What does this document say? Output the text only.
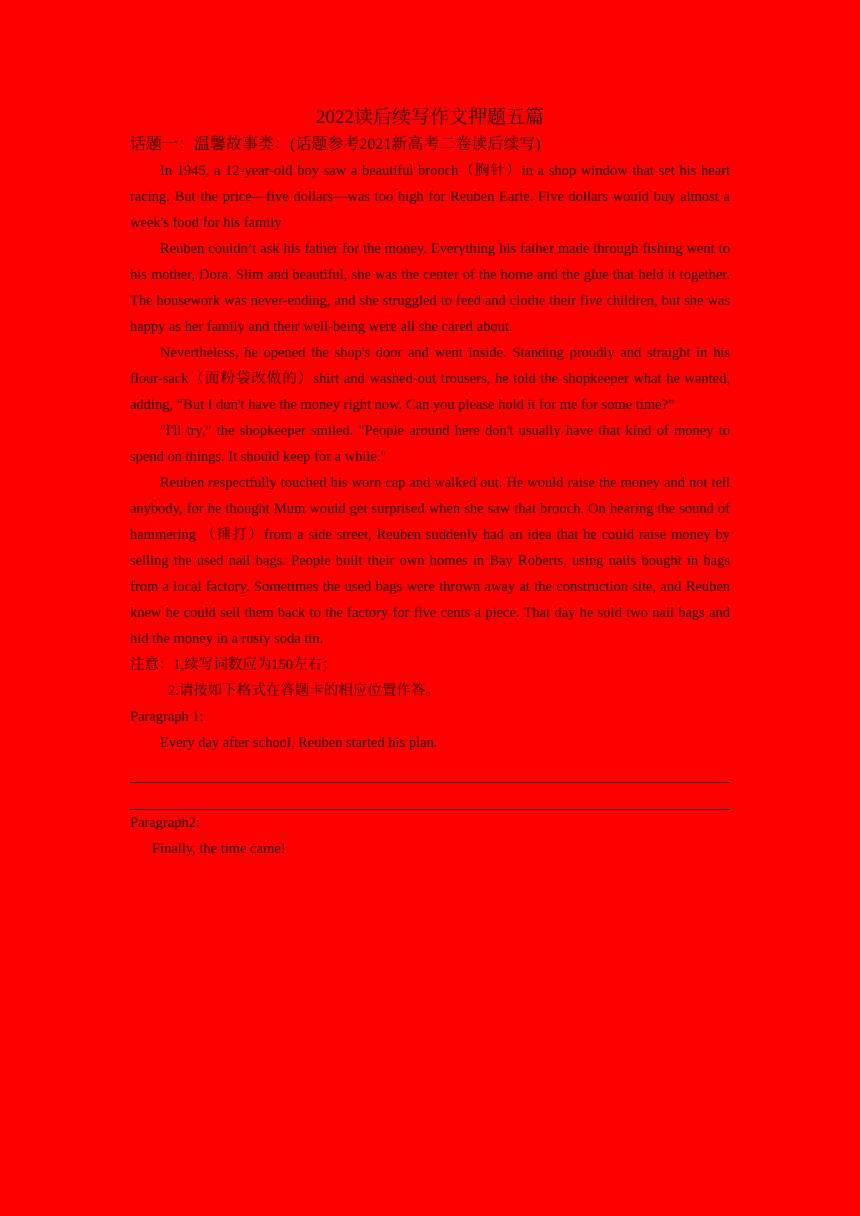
2022读后续写作文押题五篇

话题一：温馨故事类：(话题参考2021新高考二卷读后续写)

In 1945, a 12-year-old boy saw a beautiful brooch（胸针）in a shop window that set his heart racing. But the price—five dollars—was too high for Reuben Earle. Five dollars would buy almost a week's food for his family

Reuben couldn’t ask his father for the money. Everything his father made through fishing went to his mother, Dora. Slim and beautiful, she was the center of the home and the glue that held it together. The housework was never-ending, and she struggled to feed and clothe their five children, but she was happy as her family and their well-being were all she cared about.

Nevertheless, he opened the shop's door and went inside. Standing proudly and straight in his flour-sack（面粉袋改做的）shirt and washed-out trousers, he told the shopkeeper what he wanted, adding, “But I don't have the money right now. Can you please hold it for me for some time?”

"I'll try," the shopkeeper smiled. "People around here don't usually have that kind of money to spend on things. It should keep for a while."

Reuben respectfully touched his worn cap and walked out. He would raise the money and not tell anybody, for he thought Mum would get surprised when she saw that brooch. On hearing the sound of hammering （捶打）from a side street, Reuben suddenly had an idea that he could raise money by selling the used nail bags. People built their own homes in Bay Roberts, using nails bought in bags from a local factory. Sometimes the used bags were thrown away at the construction site, and Reuben knew he could sell them back to the factory for five cents a piece. That day he sold two nail bags and hid the money in a rusty soda tin.

注意：1,续写词数应为150左右；

2.请按如下格式在答题卡的相应位置作答。

Paragraph 1:

Every day after school, Reuben started his plan.

Paragraph2:

Finally, the time came!
